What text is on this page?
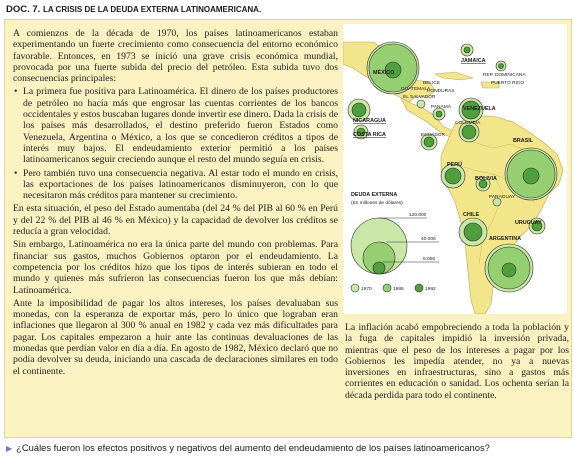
DOC. 7. LA CRISIS DE LA DEUDA EXTERNA LATINOAMERICANA.

A comienzos de la década de 1970, los países latinoamericanos estaban experimentando un fuerte crecimiento como consecuencia del entorno económico favorable. Entonces, en 1973 se inició una grave crisis económica mundial, provocada por una fuerte subida del precio del petróleo. Esta subida tuvo dos consecuencias principales:

• La primera fue positiva para Latinoamérica. El dinero de los países productores de petróleo no hacía más que engrosar las cuentas corrientes de los bancos occidentales y estos buscaban lugares donde invertir ese dinero. Dada la crisis de los países más desarrollados, el destino preferido fueron Estados como Venezuela, Argentina o México, a los que se concedieron créditos a tipos de interés muy bajos. El endeudamiento exterior permitió a los países latinoamericanos seguir creciendo aunque el resto del mundo seguía en crisis.
• Pero también tuvo una consecuencia negativa. Al estar todo el mundo en crisis, las exportaciones de los países latinoamericanos disminuyeron, con lo que necesitaron más créditos para mantener su crecimiento.

En esta situación, el peso del Estado aumentaba (del 24 % del PIB al 60 % en Perú y del 22 % del PIB al 46 % en México) y la capacidad de devolver los créditos se reducía a gran velocidad.

Sin embargo, Latinoamérica no era la única parte del mundo con problemas. Para financiar sus gastos, muchos Gobiernos optaron por el endeudamiento. La competencia por los créditos hizo que los tipos de interés subieran en todo el mundo y quienes más sufrieron las consecuencias fueron los que más debían: Latinoamérica.

Ante la imposibilidad de pagar los altos intereses, los países devaluaban sus monedas, con la esperanza de exportar más, pero lo único que lograban eran inflaciones que llegaron al 300 % anual en 1982 y cada vez más dificultades para pagar. Los capitales empezaron a huir ante las continuas devaluaciones de las monedas que perdían valor en día a día. En agosto de 1982, México declaró que no podía devolver su deuda, iniciando una cascada de declaraciones similares en todo el continente.

MÉXICO
JAMAICA
REP. DOMINICANA
PUERTO RICO
BELICE
GUATEMALA
HONDURAS
EL SALVADOR
NICARAGUA
PANAMÁ VENEZUELA
COSTA RICA
COLOMBIA
ECUADOR
BRASIL
PERÚ
BOLIVIA
PARAGUAY
CHILE
URUGUAY
ARGENTINA
DEUDA EXTERNA
(En millones de dólares)
120.000
40.000
5.000
1970	1986	1992

La inflación acabó empobreciendo a toda la población y la fuga de capitales impidió la inversión privada, mientras que el peso de los intereses a pagar por los Gobiernos les impedía atender, no ya a nuevas inversiones en infraestructuras, sino a gastos más corrientes en educación o sanidad. Los ochenta serían la década perdida para todo el continente.

▶ ¿Cuáles fueron los efectos positivos y negativos del aumento del endeudamiento de los países latinoamericanos?
